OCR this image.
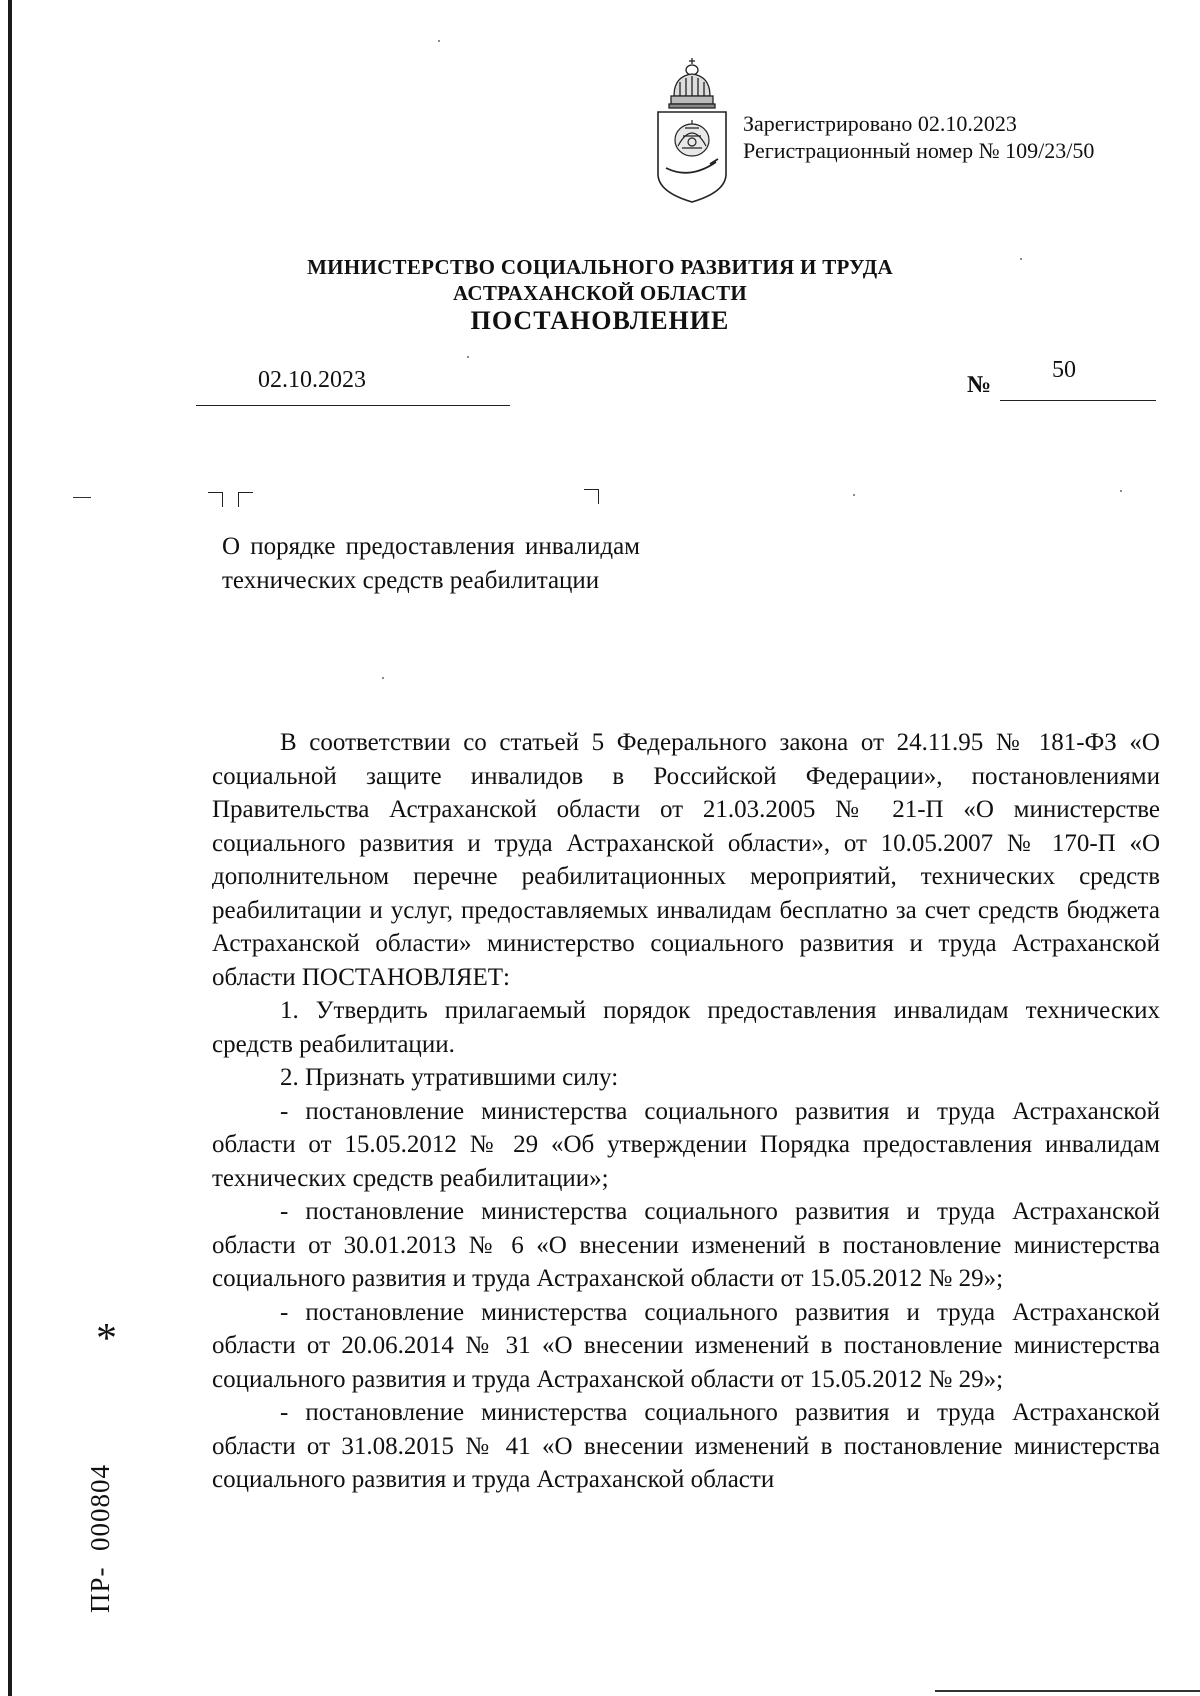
Зарегистрировано 02.10.2023
Регистрационный номер № 109/23/50
МИНИСТЕРСТВО СОЦИАЛЬНОГО РАЗВИТИЯ И ТРУДА
АСТРАХАНСКОЙ ОБЛАСТИ
ПОСТАНОВЛЕНИЕ
02.10.2023	№
50
О порядке предоставления инвалидам технических средств реабилитации

В соответствии со статьей 5 Федерального закона от 24.11.95 № 181-ФЗ «О социальной защите инвалидов в Российской Федерации», постановлениями Правительства Астраханской области от 21.03.2005 № 21-П «О министерстве социального развития и труда Астраханской области», от 10.05.2007 № 170-П «О дополнительном перечне реабилитационных мероприятий, технических средств реабилитации и услуг, предоставляемых инвалидам бесплатно за счет средств бюджета Астраханской области» министерство социального развития и труда Астраханской области ПОСТАНОВЛЯЕТ:

1. Утвердить прилагаемый порядок предоставления инвалидам технических средств реабилитации.

2. Признать утратившими силу:

- постановление министерства социального развития и труда Астраханской области от 15.05.2012 № 29 «Об утверждении Порядка предоставления инвалидам технических средств реабилитации»;

- постановление министерства социального развития и труда Астраханской области от 30.01.2013 № 6 «О внесении изменений в постановление министерства социального развития и труда Астраханской области от 15.05.2012 № 29»;

- постановление министерства социального развития и труда Астраханской области от 20.06.2014 № 31 «О внесении изменений в постановление министерства социального развития и труда Астраханской области от 15.05.2012 № 29»;

- постановление министерства социального развития и труда Астраханской области от 31.08.2015 № 41 «О внесении изменений в постановление министерства социального развития и труда Астраханской области

*
ПР-  000804
